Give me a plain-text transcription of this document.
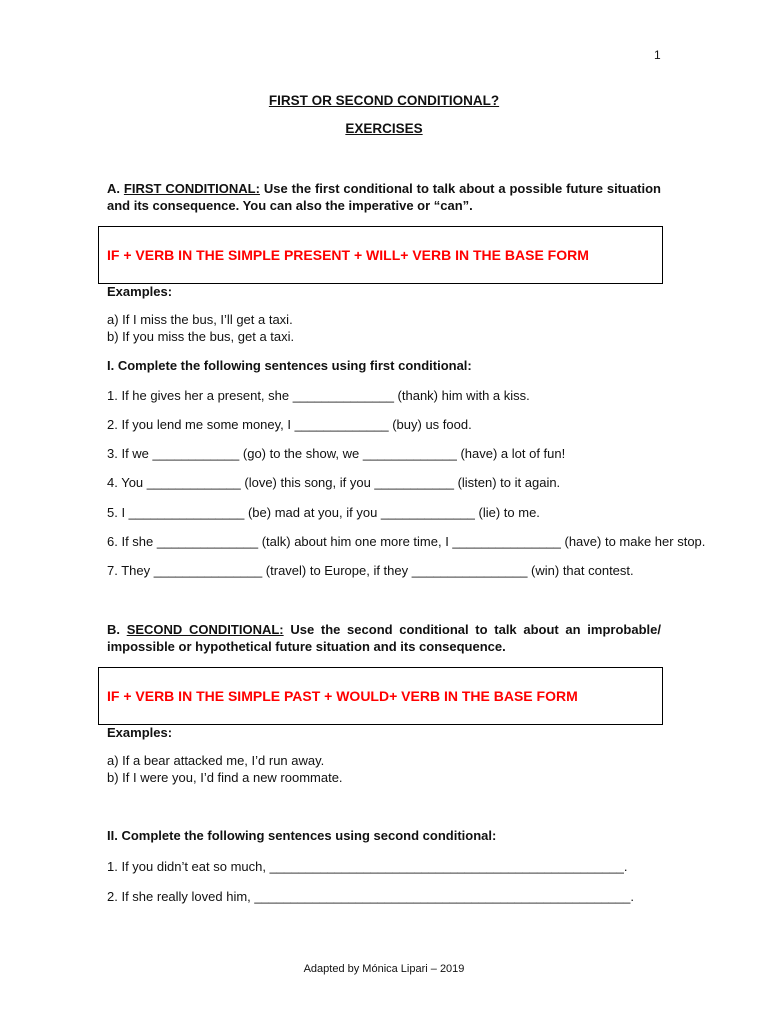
1
FIRST OR SECOND CONDITIONAL?
EXERCISES
A. FIRST CONDITIONAL: Use the first conditional to talk about a possible future situation and its consequence. You can also the imperative or “can”.
IF + VERB IN THE SIMPLE PRESENT + WILL+ VERB IN THE BASE FORM
Examples:
a) If I miss the bus, I’ll get a taxi.
b) If you miss the bus, get a taxi.
I. Complete the following sentences using first conditional:
1. If he gives her a present, she ______________ (thank) him with a kiss.
2. If you lend me some money, I _____________ (buy) us food.
3. If we ____________ (go) to the show, we _____________ (have) a lot of fun!
4. You _____________ (love) this song, if you ___________ (listen) to it again.
5. I ________________ (be) mad at you, if you _____________ (lie) to me.
6. If she ______________ (talk) about him one more time, I _______________ (have) to make her stop.
7. They _______________ (travel) to Europe, if they ________________ (win) that contest.
B. SECOND CONDITIONAL: Use the second conditional to talk about an improbable/ impossible or hypothetical future situation and its consequence.
IF + VERB IN THE SIMPLE PAST + WOULD+ VERB IN THE BASE FORM
Examples:
a) If a bear attacked me, I’d run away.
b) If I were you, I’d find a new roommate.
II. Complete the following sentences using second conditional:
1. If you didn’t eat so much, _________________________________________________.
2. If she really loved him, ____________________________________________________.
Adapted by Mónica Lipari – 2019
